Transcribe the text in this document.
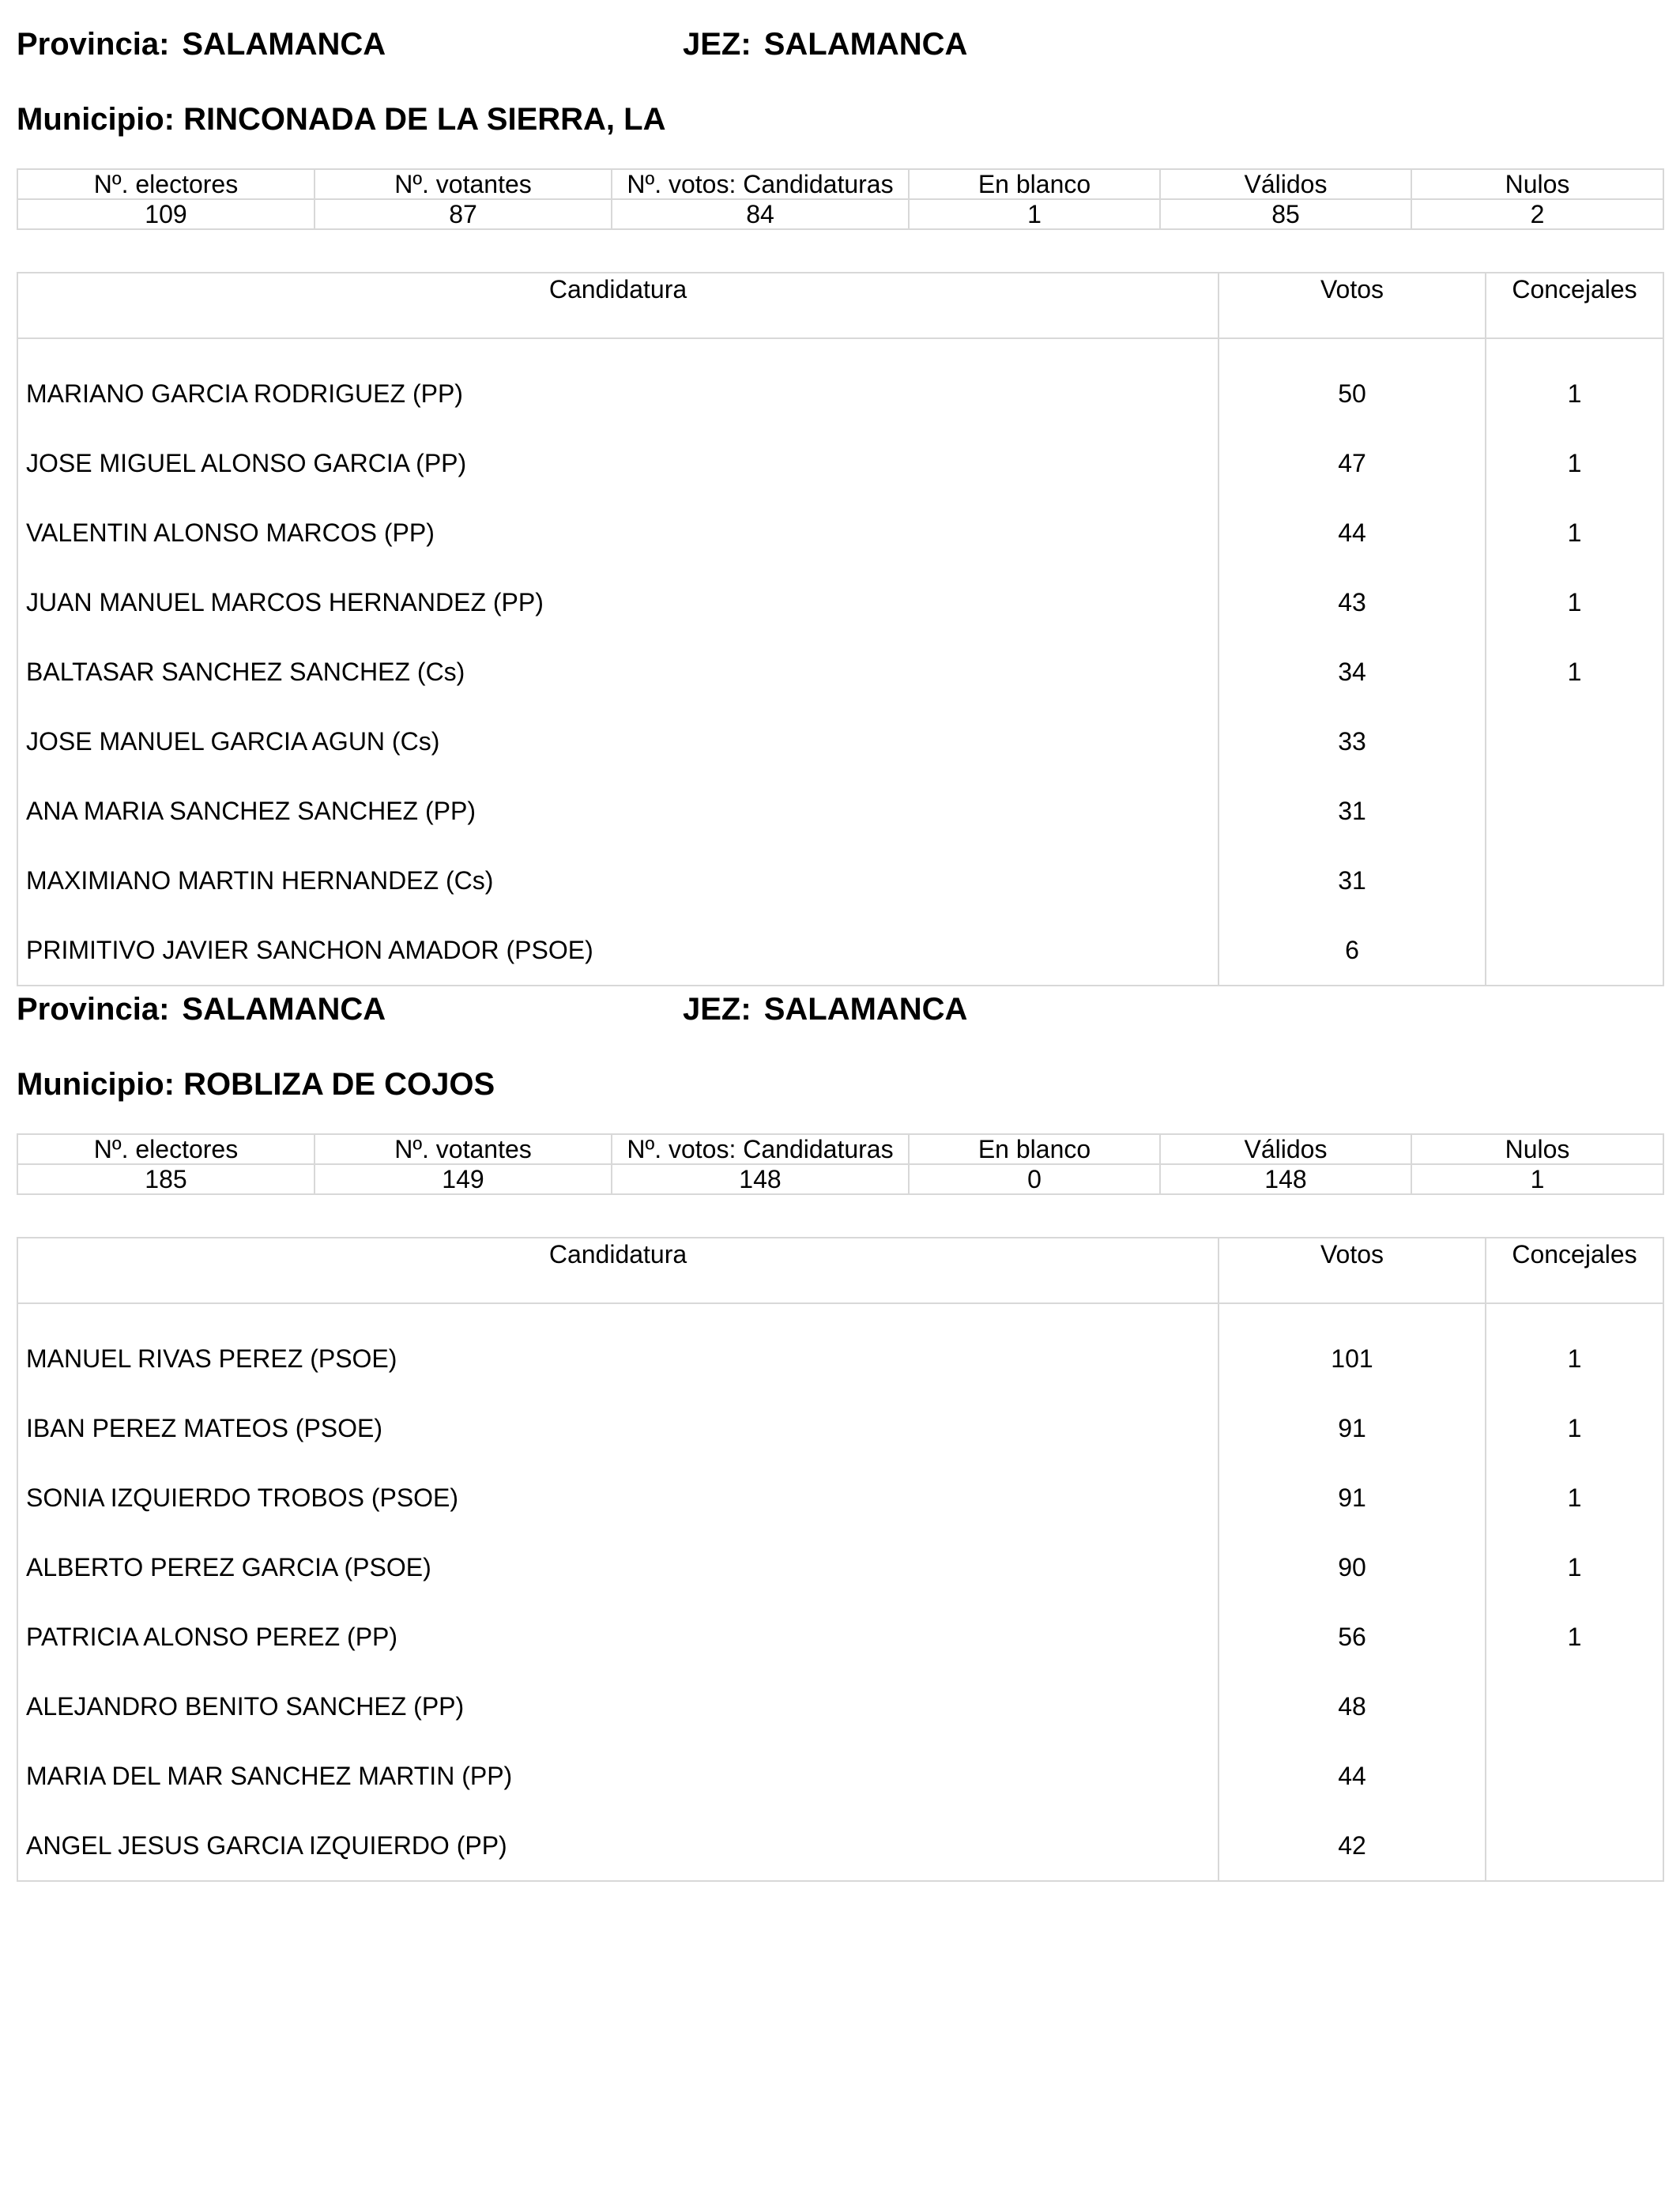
Provincia: SALAMANCA	JEZ: SALAMANCA
Municipio: RINCONADA DE LA SIERRA, LA
Nº. electores	Nº. votantes	Nº. votos: Candidaturas	En blanco	Válidos	Nulos
109	87	84	1	85	2
Candidatura	Votos	Concejales
MARIANO GARCIA RODRIGUEZ (PP)	50	1
JOSE MIGUEL ALONSO GARCIA (PP)	47	1
VALENTIN ALONSO MARCOS (PP)	44	1
JUAN MANUEL MARCOS HERNANDEZ (PP)	43	1
BALTASAR SANCHEZ SANCHEZ (Cs)	34	1
JOSE MANUEL GARCIA AGUN (Cs)	33	
ANA MARIA SANCHEZ SANCHEZ (PP)	31	
MAXIMIANO MARTIN HERNANDEZ (Cs)	31	
PRIMITIVO JAVIER SANCHON AMADOR (PSOE)	6	
Provincia: SALAMANCA	JEZ: SALAMANCA
Municipio: ROBLIZA DE COJOS
Nº. electores	Nº. votantes	Nº. votos: Candidaturas	En blanco	Válidos	Nulos
185	149	148	0	148	1
Candidatura	Votos	Concejales
MANUEL RIVAS PEREZ (PSOE)	101	1
IBAN PEREZ MATEOS (PSOE)	91	1
SONIA IZQUIERDO TROBOS (PSOE)	91	1
ALBERTO PEREZ GARCIA (PSOE)	90	1
PATRICIA ALONSO PEREZ (PP)	56	1
ALEJANDRO BENITO SANCHEZ (PP)	48	
MARIA DEL MAR SANCHEZ MARTIN (PP)	44	
ANGEL JESUS GARCIA IZQUIERDO (PP)	42	
